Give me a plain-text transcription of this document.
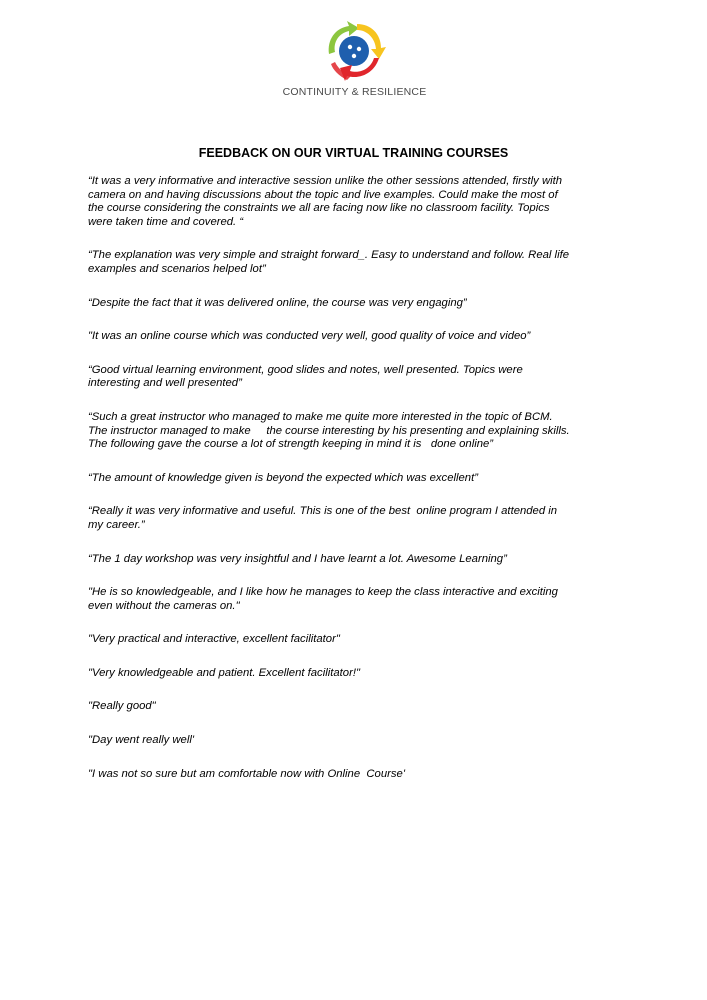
CONTINUITY & RESILIENCE
FEEDBACK ON OUR VIRTUAL TRAINING COURSES
“It was a very informative and interactive session unlike the other sessions attended, firstly with
camera on and having discussions about the topic and live examples. Could make the most of
the course considering the constraints we all are facing now like no classroom facility. Topics
were taken time and covered. “
“The explanation was very simple and straight forward_. Easy to understand and follow. Real life
examples and scenarios helped lot”
“Despite the fact that it was delivered online, the course was very engaging”
"It was an online course which was conducted very well, good quality of voice and video”
“Good virtual learning environment, good slides and notes, well presented. Topics were
interesting and well presented”
“Such a great instructor who managed to make me quite more interested in the topic of BCM.
The instructor managed to make     the course interesting by his presenting and explaining skills.
The following gave the course a lot of strength keeping in mind it is   done online”
“The amount of knowledge given is beyond the expected which was excellent”
“Really it was very informative and useful. This is one of the best  online program I attended in
my career.”
“The 1 day workshop was very insightful and I have learnt a lot. Awesome Learning”
"He is so knowledgeable, and I like how he manages to keep the class interactive and exciting
even without the cameras on."
"Very practical and interactive, excellent facilitator"
"Very knowledgeable and patient. Excellent facilitator!"
"Really good"
"Day went really well'
"I was not so sure but am comfortable now with Online  Course'
